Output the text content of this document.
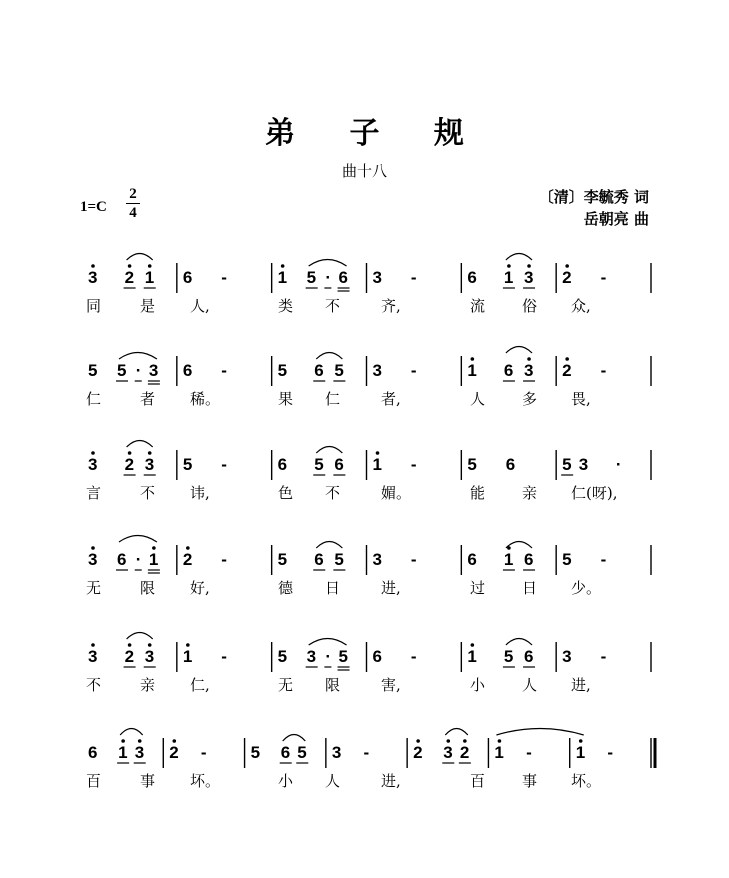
弟 子 规
曲十八
1=C
2
4
〔清〕李毓秀 词
岳朝亮 曲
3 2 1 6 -	1 5 · 6 3 -	6 1 3 2 -
同	是 人,	类 不	齐,	流 俗 众,
5 5 · 3 6 -	5 6 5 3 -	1 6 3 2 -
仁	者 稀。	果 仁	者,	人 多 畏,
3 2 3 5 -	6 5 6 1 -	5 6	5 3 ·
言	不 讳,	色 不	媚。	能 亲 仁(呀),
3 6 · 1 2 -	5 6 5 3 -	6 1 6 5 -
无	限 好,	德 日	进,	过 日 少。
3 2 3 1 -	5 3 · 5 6 -	1 5 6 3 -
不	亲 仁,	无 限	害,	小 人 进,
6 1 3 2 -	5 6 5 3 -	2 3 2 1 -	1 -
百	事 坏。	小 人	进,	百 事 坏。
